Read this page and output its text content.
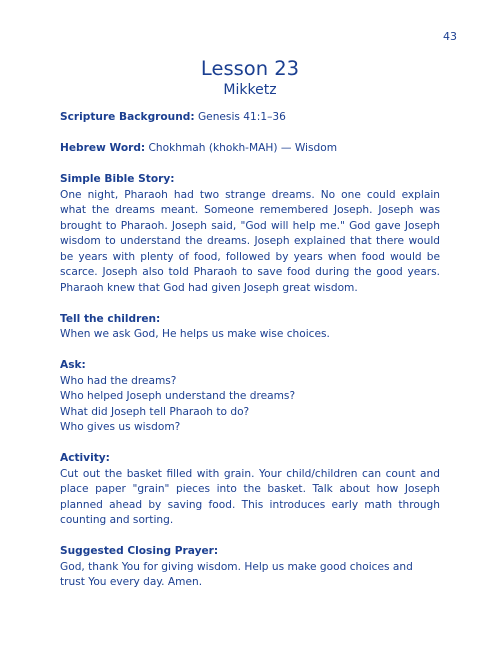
43
Lesson 23
Mikketz

Scripture Background: Genesis 41:1–36

Hebrew Word: Chokhmah (khokh-MAH) — Wisdom

Simple Bible Story:
One night, Pharaoh had two strange dreams. No one could explain what the dreams meant. Someone remembered Joseph. Joseph was brought to Pharaoh. Joseph said, "God will help me." God gave Joseph wisdom to understand the dreams. Joseph explained that there would be years with plenty of food, followed by years when food would be scarce. Joseph also told Pharaoh to save food during the good years. Pharaoh knew that God had given Joseph great wisdom.
Tell the children:
When we ask God, He helps us make wise choices.
Ask:
Who had the dreams?
Who helped Joseph understand the dreams?
What did Joseph tell Pharaoh to do?
Who gives us wisdom?
Activity:
Cut out the basket filled with grain. Your child/children can count and place paper "grain" pieces into the basket. Talk about how Joseph planned ahead by saving food. This introduces early math through counting and sorting.
Suggested Closing Prayer:
God, thank You for giving wisdom. Help us make good choices and trust You every day. Amen.
